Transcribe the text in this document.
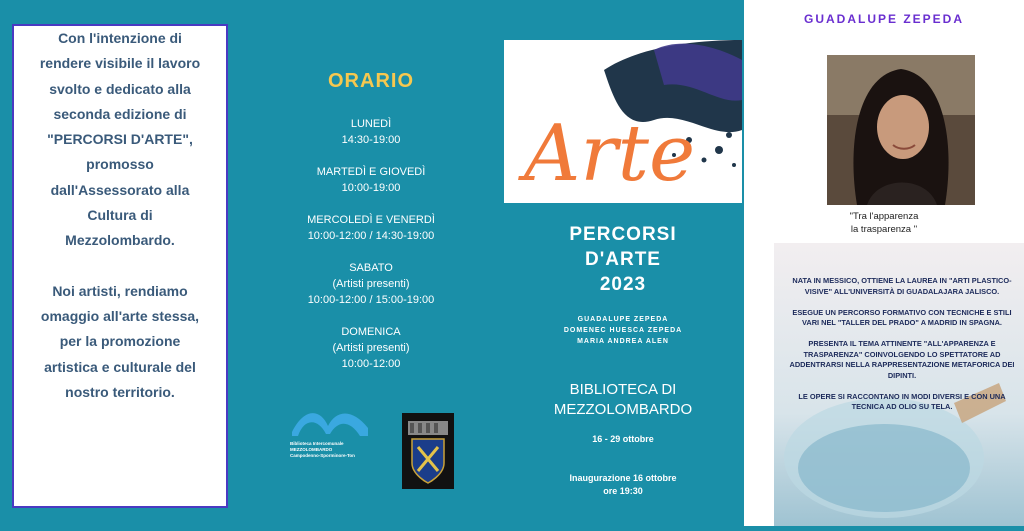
Con l'intenzione di rendere visibile il lavoro svolto e dedicato alla seconda edizione di "PERCORSI D'ARTE", promosso dall'Assessorato alla Cultura di Mezzolombardo.
Noi artisti, rendiamo omaggio all'arte stessa, per la promozione artistica e culturale del nostro territorio.
ORARIO
LUNEDÌ
14:30-19:00
MARTEDÌ E GIOVEDÌ
10:00-19:00
MERCOLEDÌ E VENERDÌ
10:00-12:00 / 14:30-19:00
SABATO
(Artisti presenti)
10:00-12:00 / 15:00-19:00
DOMENICA
(Artisti presenti)
10:00-12:00
Biblioteca Intercomunale
MEZZOLOMBARDO
Campodenno-Sporminore-Ton
Arte
PERCORSI
D'ARTE
2023
GUADALUPE ZEPEDA
DOMENEC HUESCA ZEPEDA
MARIA ANDREA ALEN
BIBLIOTECA DI
MEZZOLOMBARDO
16 - 29 ottobre
Inaugurazione 16 ottobre
ore 19:30
GUADALUPE ZEPEDA
"Tra l'apparenza
la trasparenza "

NATA IN MESSICO, OTTIENE LA LAUREA IN "ARTI PLASTICO-VISIVE" ALL'UNIVERSITÀ DI GUADALAJARA JALISCO.

ESEGUE UN PERCORSO FORMATIVO CON TECNICHE E STILI VARI NEL "TALLER DEL PRADO" A MADRID IN SPAGNA.

PRESENTA IL TEMA ATTINENTE "ALL'APPARENZA E TRASPARENZA" COINVOLGENDO LO SPETTATORE AD ADDENTRARSI NELLA RAPPRESENTAZIONE METAFORICA DEI DIPINTI.

LE OPERE SI RACCONTANO IN MODI DIVERSI E CON UNA TECNICA AD OLIO SU TELA.
